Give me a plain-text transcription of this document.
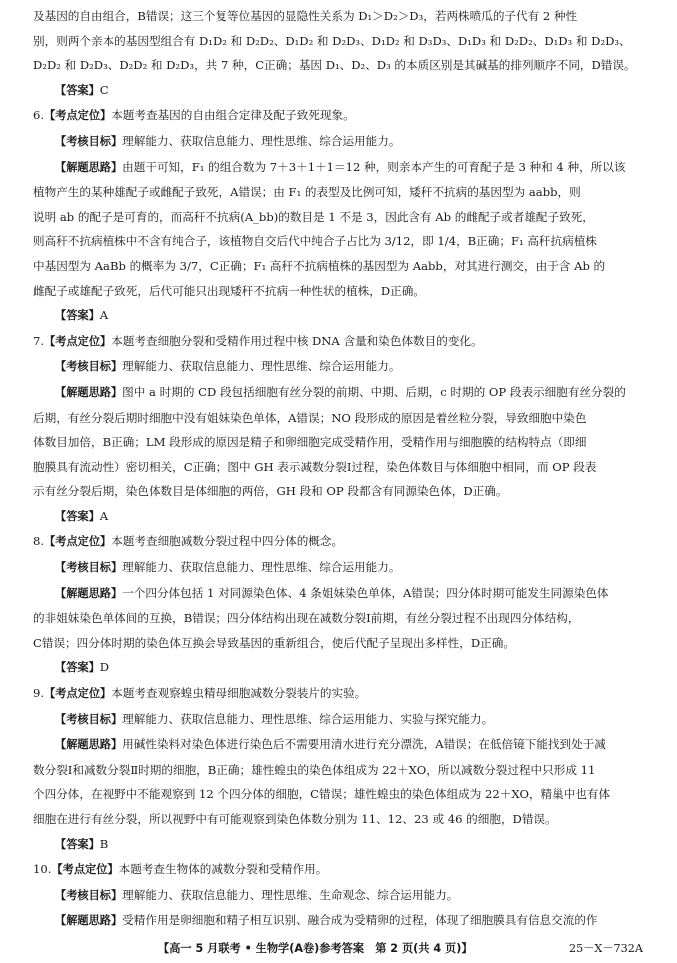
及基因的自由组合，B错误；这三个复等位基因的显隐性关系为 D₁＞D₂＞D₃，若两株喷瓜的子代有 2 种性

别，则两个亲本的基因型组合有 D₁D₂ 和 D₂D₂、D₁D₂ 和 D₂D₃、D₁D₂ 和 D₃D₃、D₁D₃ 和 D₂D₂、D₁D₃ 和 D₂D₃、

D₂D₂ 和 D₂D₃、D₂D₂ 和 D₂D₃，共 7 种，C正确；基因 D₁、D₂、D₃ 的本质区别是其碱基的排列顺序不同，D错误。

【答案】C

6.【考点定位】本题考查基因的自由组合定律及配子致死现象。

【考核目标】理解能力、获取信息能力、理性思维、综合运用能力。

【解题思路】由题干可知，F₁ 的组合数为 7＋3＋1＋1＝12 种，则亲本产生的可育配子是 3 种和 4 种，所以该

植物产生的某种雄配子或雌配子致死，A错误；由 F₁ 的表型及比例可知，矮秆不抗病的基因型为 aabb，则

说明 ab 的配子是可育的，而高秆不抗病(A_bb)的数目是 1 不是 3，因此含有 Ab 的雌配子或者雄配子致死，

则高秆不抗病植株中不含有纯合子，该植物自交后代中纯合子占比为 3/12，即 1/4，B正确；F₁ 高秆抗病植株

中基因型为 AaBb 的概率为 3/7，C正确；F₁ 高秆不抗病植株的基因型为 Aabb，对其进行测交，由于含 Ab 的

雌配子或雄配子致死，后代可能只出现矮秆不抗病一种性状的植株，D正确。

【答案】A

7.【考点定位】本题考查细胞分裂和受精作用过程中核 DNA 含量和染色体数目的变化。

【考核目标】理解能力、获取信息能力、理性思维、综合运用能力。

【解题思路】图中 a 时期的 CD 段包括细胞有丝分裂的前期、中期、后期，c 时期的 OP 段表示细胞有丝分裂的

后期，有丝分裂后期时细胞中没有姐妹染色单体，A错误；NO 段形成的原因是着丝粒分裂，导致细胞中染色

体数目加倍，B正确；LM 段形成的原因是精子和卵细胞完成受精作用，受精作用与细胞膜的结构特点（即细

胞膜具有流动性）密切相关，C正确；图中 GH 表示减数分裂Ⅰ过程，染色体数目与体细胞中相同，而 OP 段表

示有丝分裂后期，染色体数目是体细胞的两倍，GH 段和 OP 段都含有同源染色体，D正确。

【答案】A

8.【考点定位】本题考查细胞减数分裂过程中四分体的概念。

【考核目标】理解能力、获取信息能力、理性思维、综合运用能力。

【解题思路】一个四分体包括 1 对同源染色体、4 条姐妹染色单体，A错误；四分体时期可能发生同源染色体

的非姐妹染色单体间的互换，B错误；四分体结构出现在减数分裂Ⅰ前期，有丝分裂过程不出现四分体结构，

C错误；四分体时期的染色体互换会导致基因的重新组合，使后代配子呈现出多样性，D正确。

【答案】D

9.【考点定位】本题考查观察蝗虫精母细胞减数分裂装片的实验。

【考核目标】理解能力、获取信息能力、理性思维、综合运用能力、实验与探究能力。

【解题思路】用碱性染料对染色体进行染色后不需要用清水进行充分漂洗，A错误；在低倍镜下能找到处于减

数分裂Ⅰ和减数分裂Ⅱ时期的细胞，B正确；雄性蝗虫的染色体组成为 22＋XO，所以减数分裂过程中只形成 11

个四分体，在视野中不能观察到 12 个四分体的细胞，C错误；雄性蝗虫的染色体组成为 22＋XO，精巢中也有体

细胞在进行有丝分裂，所以视野中有可能观察到染色体数分别为 11、12、23 或 46 的细胞，D错误。

【答案】B

10.【考点定位】本题考查生物体的减数分裂和受精作用。

【考核目标】理解能力、获取信息能力、理性思维、生命观念、综合运用能力。

【解题思路】受精作用是卵细胞和精子相互识别、融合成为受精卵的过程，体现了细胞膜具有信息交流的作

【高一 5 月联考 • 生物学(A卷)参考答案　第 2 页(共 4 页)】	25－X－732A
